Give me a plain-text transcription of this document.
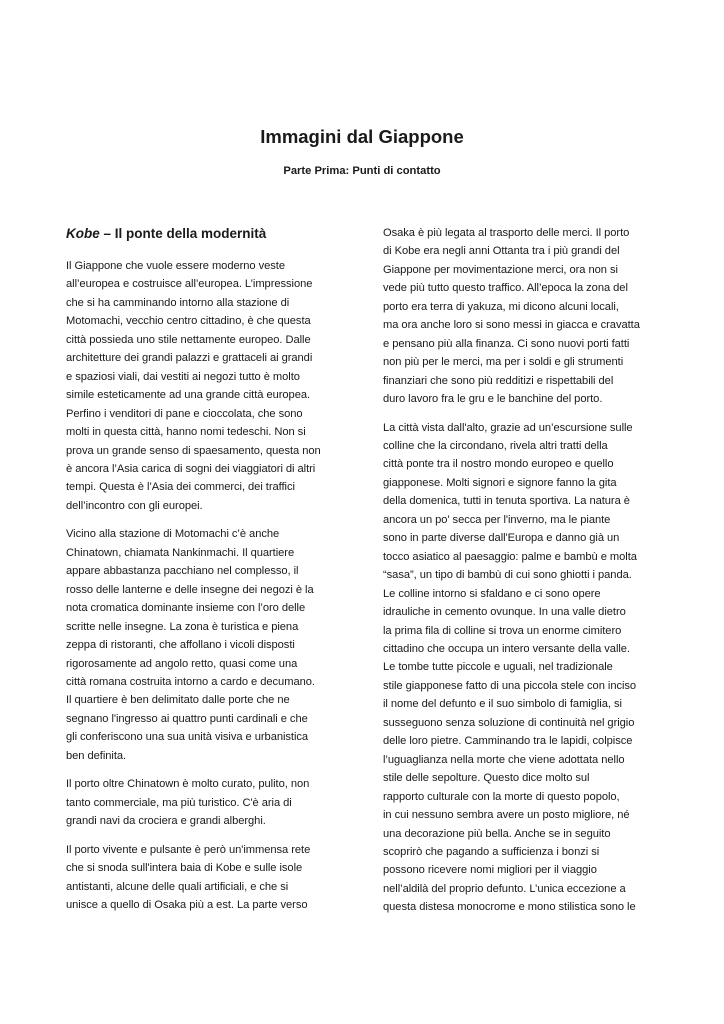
Immagini dal Giappone
Parte Prima: Punti di contatto
Kobe – Il ponte della modernità

Il Giappone che vuole essere moderno veste
all’europea e costruisce all’europea. L’impressione
che si ha camminando intorno alla stazione di
Motomachi, vecchio centro cittadino, è che questa
città possieda uno stile nettamente europeo. Dalle
architetture dei grandi palazzi e grattaceli ai grandi
e spaziosi viali, dai vestiti ai negozi tutto è molto
simile esteticamente ad una grande città europea.
Perfino i venditori di pane e cioccolata, che sono
molti in questa città, hanno nomi tedeschi. Non si
prova un grande senso di spaesamento, questa non
è ancora l’Asia carica di sogni dei viaggiatori di altri
tempi. Questa è l’Asia dei commerci, dei traffici
dell’incontro con gli europei.

Vicino alla stazione di Motomachi c’è anche
Chinatown, chiamata Nankinmachi. Il quartiere
appare abbastanza pacchiano nel complesso, il
rosso delle lanterne e delle insegne dei negozi è la
nota cromatica dominante insieme con l’oro delle
scritte nelle insegne. La zona è turistica e piena
zeppa di ristoranti, che affollano i vicoli disposti
rigorosamente ad angolo retto, quasi come una
città romana costruita intorno a cardo e decumano.
Il quartiere è ben delimitato dalle porte che ne
segnano l'ingresso ai quattro punti cardinali e che
gli conferiscono una sua unità visiva e urbanistica
ben definita.

Il porto oltre Chinatown è molto curato, pulito, non
tanto commerciale, ma più turistico. C'è aria di
grandi navi da crociera e grandi alberghi.

Il porto vivente e pulsante è però un'immensa rete
che si snoda sull'intera baia di Kobe e sulle isole
antistanti, alcune delle quali artificiali, e che si
unisce a quello di Osaka più a est. La parte verso

Osaka è più legata al trasporto delle merci. Il porto
di Kobe era negli anni Ottanta tra i più grandi del
Giappone per movimentazione merci, ora non si
vede più tutto questo traffico. All’epoca la zona del
porto era terra di yakuza, mi dicono alcuni locali,
ma ora anche loro si sono messi in giacca e cravatta
e pensano più alla finanza. Ci sono nuovi porti fatti
non più per le merci, ma per i soldi e gli strumenti
finanziari che sono più redditizi e rispettabili del
duro lavoro fra le gru e le banchine del porto.

La città vista dall'alto, grazie ad un’escursione sulle
colline che la circondano, rivela altri tratti della
città ponte tra il nostro mondo europeo e quello
giapponese. Molti signori e signore fanno la gita
della domenica, tutti in tenuta sportiva. La natura è
ancora un po' secca per l'inverno, ma le piante
sono in parte diverse dall'Europa e danno già un
tocco asiatico al paesaggio: palme e bambù e molta
“sasa”, un tipo di bambù di cui sono ghiotti i panda.
Le colline intorno si sfaldano e ci sono opere
idrauliche in cemento ovunque. In una valle dietro
la prima fila di colline si trova un enorme cimitero
cittadino che occupa un intero versante della valle.
Le tombe tutte piccole e uguali, nel tradizionale
stile giapponese fatto di una piccola stele con inciso
il nome del defunto e il suo simbolo di famiglia, si
susseguono senza soluzione di continuità nel grigio
delle loro pietre. Camminando tra le lapidi, colpisce
l’uguaglianza nella morte che viene adottata nello
stile delle sepolture. Questo dice molto sul
rapporto culturale con la morte di questo popolo,
in cui nessuno sembra avere un posto migliore, né
una decorazione più bella. Anche se in seguito
scoprirò che pagando a sufficienza i bonzi si
possono ricevere nomi migliori per il viaggio
nell’aldilà del proprio defunto. L’unica eccezione a
questa distesa monocrome e mono stilistica sono le
